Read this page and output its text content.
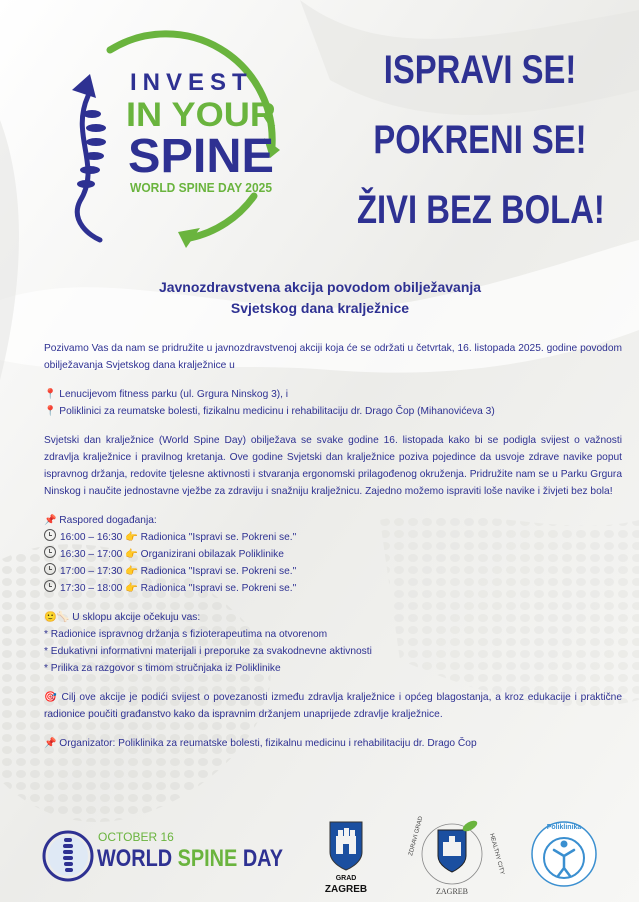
INVEST
IN YOUR
SPINE
WORLD SPINE DAY 2025
ISPRAVI SE!
POKRENI SE!
ŽIVI BEZ BOLA!
Javnozdravstvena akcija povodom obilježavanja
Svjetskog dana kralježnice

Pozivamo Vas da nam se pridružite u javnozdravstvenoj akciji koja će se održati u četvrtak, 16. listopada 2025. godine povodom obilježavanja Svjetskog dana kralježnice u

📍 Lenucijevom fitness parku (ul. Grgura Ninskog 3), i

📍 Poliklinici za reumatske bolesti, fizikalnu medicinu i rehabilitaciju dr. Drago Čop (Mihanovićeva 3)

Svjetski dan kralježnice (World Spine Day) obilježava se svake godine 16. listopada kako bi se podigla svijest o važnosti zdravlja kralježnice i pravilnog kretanja. Ove godine Svjetski dan kralježnice poziva pojedince da usvoje zdrave navike poput ispravnog držanja, redovite tjelesne aktivnosti i stvaranja ergonomski prilagođenog okruženja. Pridružite nam se u Parku Grgura Ninskog i naučite jednostavne vježbe za zdraviju i snažniju kralježnicu. Zajedno možemo ispraviti loše navike i živjeti bez bola!

📌 Raspored događanja:

16:00 – 16:30 👉 Radionica "Ispravi se. Pokreni se."

16:30 – 17:00 👉 Organizirani obilazak Poliklinike

17:00 – 17:30 👉 Radionica "Ispravi se. Pokreni se."

17:30 – 18:00 👉 Radionica "Ispravi se. Pokreni se."

🙂🦴 U sklopu akcije očekuju vas:

* Radionice ispravnog držanja s fizioterapeutima na otvorenom

* Edukativni informativni materijali i preporuke za svakodnevne aktivnosti

* Prilika za razgovor s timom stručnjaka iz Poliklinike

🎯 Cilj ove akcije je podići svijest o povezanosti između zdravlja kralježnice i općeg blagostanja, a kroz edukacije i praktične radionice poučiti građanstvo kako da ispravnim držanjem unaprijede zdravlje kralježnice.

📌 Organizator: Poliklinika za reumatske bolesti, fizikalnu medicinu i rehabilitaciju dr. Drago Čop

OCTOBER 16
WORLD SPINE DAY
GRAD
ZAGREB
ZDRAVI GRAD
ZAGREB
HEALTHY CITY
Poliklinika
